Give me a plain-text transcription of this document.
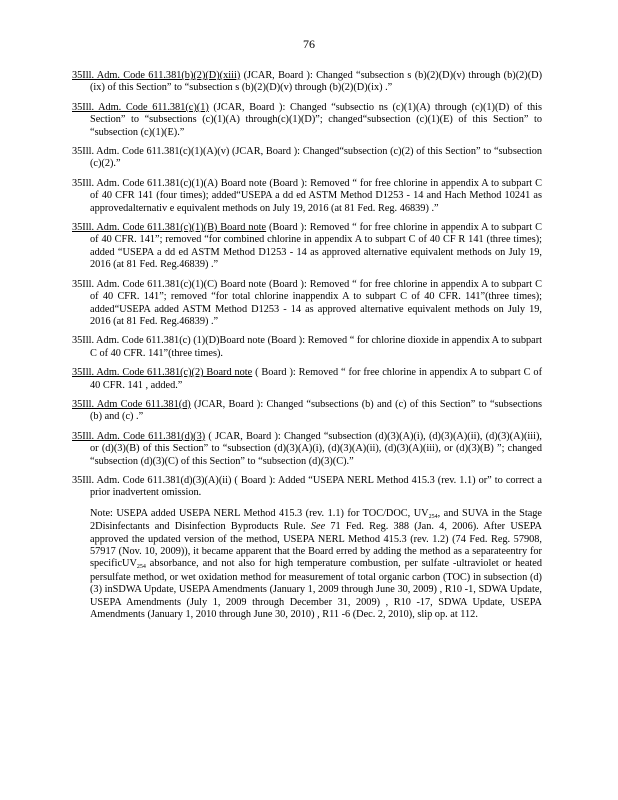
76

35Ill. Adm. Code 611.381(b)(2)(D)(xiii) (JCAR, Board ): Changed “subsection s (b)(2)(D)(v) through (b)(2)(D)(ix) of this Section” to “subsection s (b)(2)(D)(v) through (b)(2)(D)(ix) .”

35Ill. Adm. Code 611.381(c)(1) (JCAR, Board ): Changed “subsectio ns (c)(1)(A) through (c)(1)(D) of this Section” to “subsections (c)(1)(A) through(c)(1)(D)”; changed“subsection (c)(1)(E) of this Section” to “subsection (c)(1)(E).”

35Ill. Adm. Code 611.381(c)(1)(A)(v) (JCAR, Board ): Changed“subsection (c)(2) of this Section” to “subsection (c)(2).”

35Ill. Adm. Code 611.381(c)(1)(A) Board note (Board ): Removed “ for free chlorine in appendix A to subpart C of 40 CFR 141 (four times); added“USEPA a dd ed ASTM Method D1253 - 14 and Hach Method 10241 as approvedalternativ e equivalent methods on July 19, 2016 (at 81 Fed. Reg. 46839) .”

35Ill. Adm. Code 611.381(c)(1)(B) Board note (Board ): Removed “ for free chlorine in appendix A to subpart C of 40 CFR. 141”; removed “for combined chlorine in appendix A to subpart C of 40 CF R 141 (three times); added “USEPA a dd ed ASTM Method D1253 - 14 as approved alternative equivalent methods on July 19, 2016 (at 81 Fed. Reg.46839) .”

35Ill. Adm. Code 611.381(c)(1)(C) Board note (Board ): Removed “ for free chlorine in appendix A to subpart C of 40 CFR. 141”; removed “for total chlorine inappendix A to subpart C of 40 CFR. 141”(three times); added“USEPA added ASTM Method D1253 - 14 as approved alternative equivalent methods on July 19, 2016 (at 81 Fed. Reg.46839) .”

35Ill. Adm. Code 611.381(c) (1)(D)Board note (Board ): Removed “ for chlorine dioxide in appendix A to subpart C of 40 CFR. 141”(three times).

35Ill. Adm. Code 611.381(c)(2) Board note ( Board ): Removed “ for free chlorine in appendix A to subpart C of 40 CFR. 141 , added.”

35Ill. Adm Code 611.381(d) (JCAR, Board ): Changed “subsections (b) and (c) of this Section” to “subsections (b) and (c) .”

35Ill. Adm. Code 611.381(d)(3) ( JCAR, Board ): Changed “subsection (d)(3)(A)(i), (d)(3)(A)(ii), (d)(3)(A)(iii), or (d)(3)(B) of this Section” to “subsection (d)(3)(A)(i), (d)(3)(A)(ii), (d)(3)(A)(iii), or (d)(3)(B) ”; changed “subsection (d)(3)(C) of this Section” to “subsection (d)(3)(C).”

35Ill. Adm. Code 611.381(d)(3)(A)(ii) ( Board ): Added “USEPA NERL Method 415.3 (rev. 1.1) or” to correct a prior inadvertent omission.

Note: USEPA added USEPA NERL Method 415.3 (rev. 1.1) for TOC/DOC, $UV_{254}$, and SUVA in the Stage 2Disinfectants and Disinfection Byproducts Rule. See 71 Fed. Reg. 388 (Jan. 4, 2006). After USEPA approved the updated version of the method, USEPA NERL Method 415.3 (rev. 1.2) (74 Fed. Reg. 57908, 57917 (Nov. 10, 2009)), it became apparent that the Board erred by adding the method as a separateentry for specificUV$_{254}$ absorbance, and not also for high temperature combustion, per sulfate -ultraviolet or heated persulfate method, or wet oxidation method for measurement of total organic carbon (TOC) in subsection (d)(3) inSDWA Update, USEPA Amendments (January 1, 2009 through June 30, 2009) , R10 -1, SDWA Update, USEPA Amendments (July 1, 2009 through December 31, 2009) , R10 -17, SDWA Update, USEPA Amendments (January 1, 2010 through June 30, 2010) , R11 -6 (Dec. 2, 2010), slip op. at 112.
